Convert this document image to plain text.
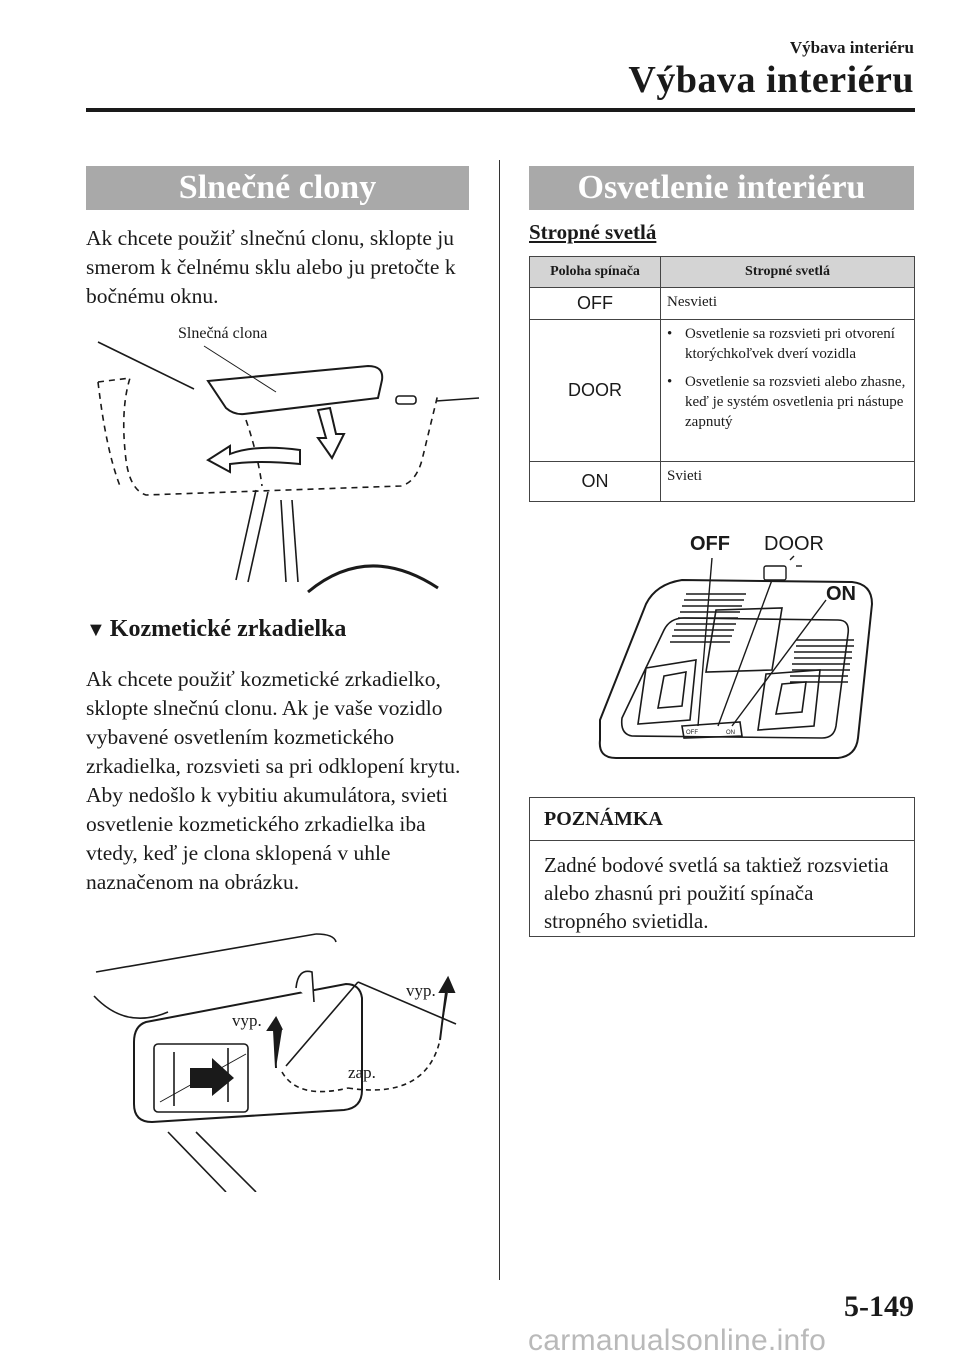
Výbava interiéru
Výbava interiéru
Slnečné clony
Ak chcete použiť slnečnú clonu, sklopte ju smerom k čelnému sklu alebo ju pretočte k bočnému oknu.
Slnečná clona
▼ Kozmetické zrkadielka
Ak chcete použiť kozmetické zrkadielko, sklopte slnečnú clonu. Ak je vaše vozidlo vybavené osvetlením kozmetického zrkadielka, rozsvieti sa pri odklopení krytu. Aby nedošlo k vybitiu akumulátora, svieti osvetlenie kozmetického zrkadielka iba vtedy, keď je clona sklopená v uhle naznačenom na obrázku.
vyp.
vyp.
zap.
Osvetlenie interiéru
Stropné svetlá
Poloha spínača	Stropné svetlá
OFF	Nesvieti
DOOR	• Osvetlenie sa rozsvieti pri otvorení ktorýchkoľvek dverí vozidla
• Osvetlenie sa rozsvieti alebo zhasne, keď je systém osvetlenia pri nástupe zapnutý

ON	Svieti
OFF DOOR
ON
OFF	ON
POZNÁMKA
Zadné bodové svetlá sa taktiež rozsvietia alebo zhasnú pri použití spínača stropného svietidla.
5-149
carmanualsonline.info
